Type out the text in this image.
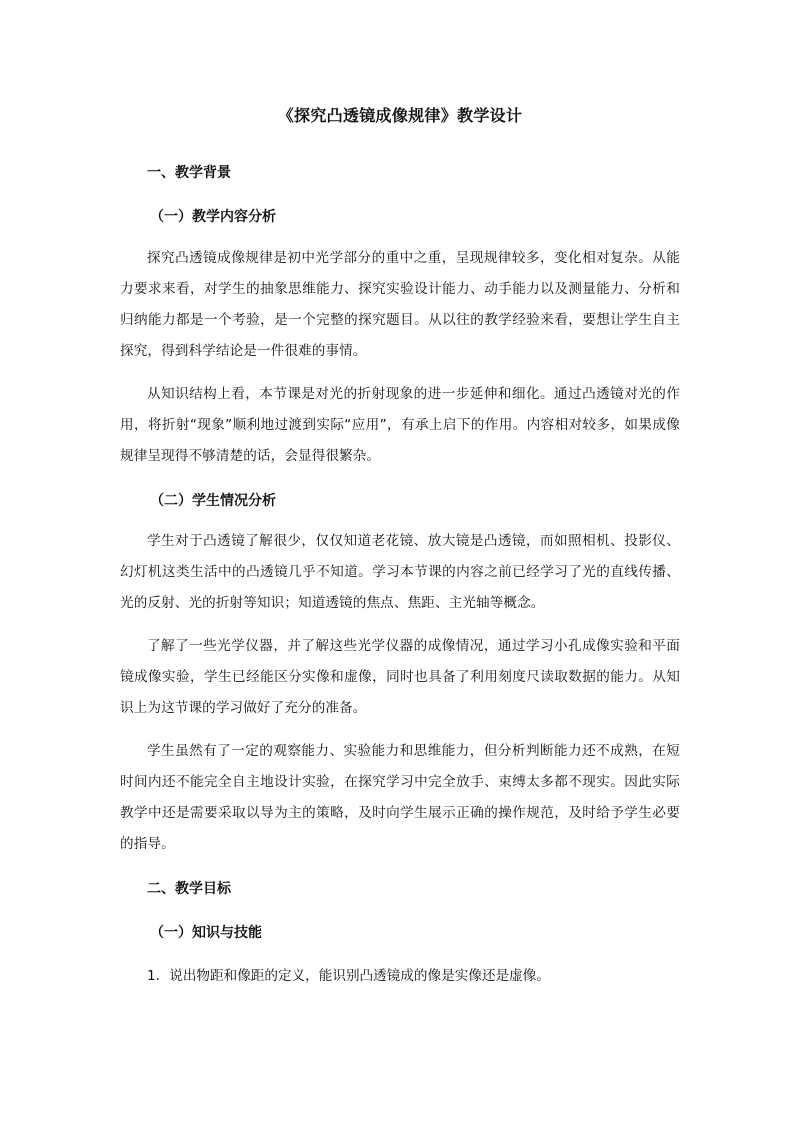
《探究凸透镜成像规律》教学设计
一、教学背景
（一）教学内容分析

探究凸透镜成像规律是初中光学部分的重中之重，呈现规律较多，变化相对复杂。从能力要求来看，对学生的抽象思维能力、探究实验设计能力、动手能力以及测量能力、分析和归纳能力都是一个考验，是一个完整的探究题目。从以往的教学经验来看，要想让学生自主探究，得到科学结论是一件很难的事情。

从知识结构上看，本节课是对光的折射现象的进一步延伸和细化。通过凸透镜对光的作用，将折射“现象”顺利地过渡到实际“应用”，有承上启下的作用。内容相对较多，如果成像规律呈现得不够清楚的话，会显得很繁杂。

（二）学生情况分析

学生对于凸透镜了解很少，仅仅知道老花镜、放大镜是凸透镜，而如照相机、投影仪、幻灯机这类生活中的凸透镜几乎不知道。学习本节课的内容之前已经学习了光的直线传播、光的反射、光的折射等知识；知道透镜的焦点、焦距、主光轴等概念。

了解了一些光学仪器，并了解这些光学仪器的成像情况，通过学习小孔成像实验和平面镜成像实验，学生已经能区分实像和虚像，同时也具备了利用刻度尺读取数据的能力。从知识上为这节课的学习做好了充分的准备。

学生虽然有了一定的观察能力、实验能力和思维能力，但分析判断能力还不成熟，在短时间内还不能完全自主地设计实验，在探究学习中完全放手、束缚太多都不现实。因此实际教学中还是需要采取以导为主的策略，及时向学生展示正确的操作规范，及时给予学生必要的指导。

二、教学目标
（一）知识与技能

1．说出物距和像距的定义，能识别凸透镜成的像是实像还是虚像。
